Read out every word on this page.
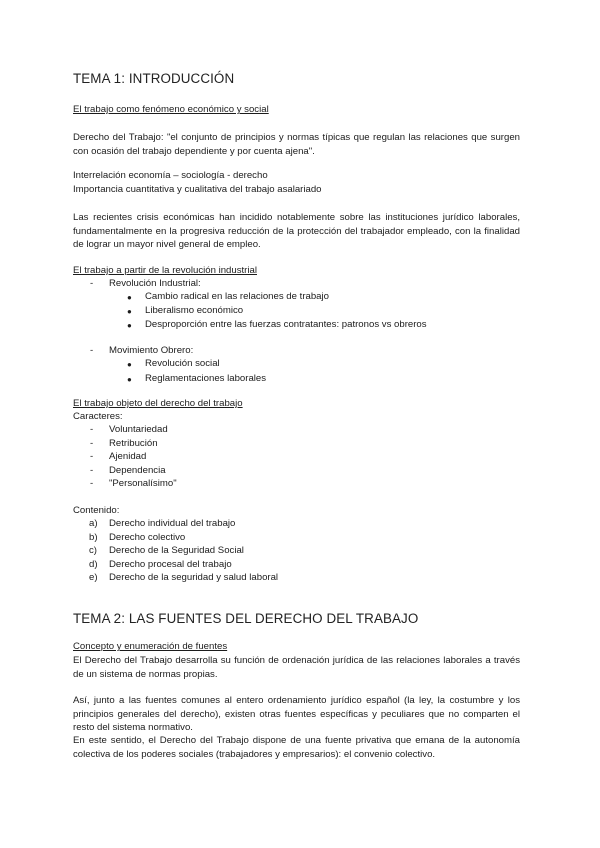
TEMA 1: INTRODUCCIÓN
El trabajo como fenómeno económico y social
Derecho del Trabajo: "el conjunto de principios y normas típicas que regulan las relaciones que surgen con ocasión del trabajo dependiente y por cuenta ajena".
Interrelación economía – sociología - derecho
Importancia cuantitativa y cualitativa del trabajo asalariado
Las recientes crisis económicas han incidido notablemente sobre las instituciones jurídico laborales, fundamentalmente en la progresiva reducción de la protección del trabajador empleado, con la finalidad de lograr un mayor nivel general de empleo.
El trabajo a partir de la revolución industrial
- Revolución Industrial:
● Cambio radical en las relaciones de trabajo
● Liberalismo económico
● Desproporción entre las fuerzas contratantes: patronos vs obreros
- Movimiento Obrero:
● Revolución social
● Reglamentaciones laborales
El trabajo objeto del derecho del trabajo
Caracteres:
- Voluntariedad
- Retribución
- Ajenidad
- Dependencia
- "Personalísimo"
Contenido:
a) Derecho individual del trabajo
b) Derecho colectivo
c) Derecho de la Seguridad Social
d) Derecho procesal del trabajo
e) Derecho de la seguridad y salud laboral
TEMA 2: LAS FUENTES DEL DERECHO DEL TRABAJO
Concepto y enumeración de fuentes
El Derecho del Trabajo desarrolla su función de ordenación jurídica de las relaciones laborales a través de un sistema de normas propias.
Así, junto a las fuentes comunes al entero ordenamiento jurídico español (la ley, la costumbre y los principios generales del derecho), existen otras fuentes específicas y peculiares que no comparten el resto del sistema normativo.
En este sentido, el Derecho del Trabajo dispone de una fuente privativa que emana de la autonomía colectiva de los poderes sociales (trabajadores y empresarios): el convenio colectivo.
